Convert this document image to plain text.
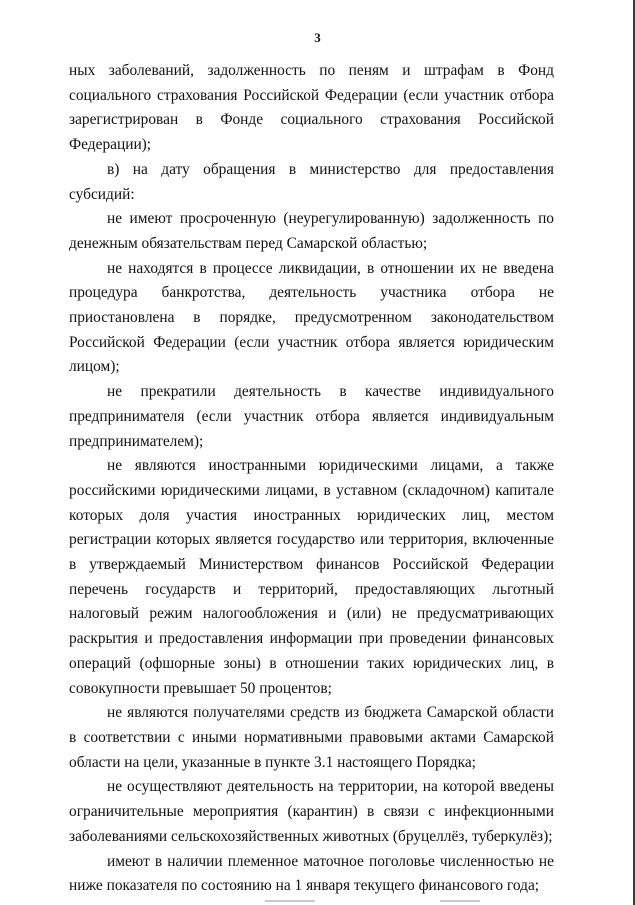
3

ных заболеваний, задолженность по пеням и штрафам в Фонд социального страхования Российской Федерации (если участник отбора зарегистрирован в Фонде социального страхования Российской Федерации);

в) на дату обращения в министерство для предоставления субсидий:

не имеют просроченную (неурегулированную) задолженность по денежным обязательствам перед Самарской областью;

не находятся в процессе ликвидации, в отношении их не введена процедура банкротства, деятельность участника отбора не приостановлена в порядке, предусмотренном законодательством Российской Федерации (если участник отбора является юридическим лицом);

не прекратили деятельность в качестве индивидуального предпринимателя (если участник отбора является индивидуальным предпринимателем);

не являются иностранными юридическими лицами, а также российскими юридическими лицами, в уставном (складочном) капитале которых доля участия иностранных юридических лиц, местом регистрации которых является государство или территория, включенные в утверждаемый Министерством финансов Российской Федерации перечень государств и территорий, предоставляющих льготный налоговый режим налогообложения и (или) не предусматривающих раскрытия и предоставления информации при проведении финансовых операций (офшорные зоны) в отношении таких юридических лиц, в совокупности превышает 50 процентов;

не являются получателями средств из бюджета Самарской области в соответствии с иными нормативными правовыми актами Самарской области на цели, указанные в пункте 3.1 настоящего Порядка;

не осуществляют деятельность на территории, на которой введены ограничительные мероприятия (карантин) в связи с инфекционными заболеваниями сельскохозяйственных животных (бруцеллёз, туберкулёз);

имеют в наличии племенное маточное поголовье численностью не ниже показателя по состоянию на 1 января текущего финансового года;
